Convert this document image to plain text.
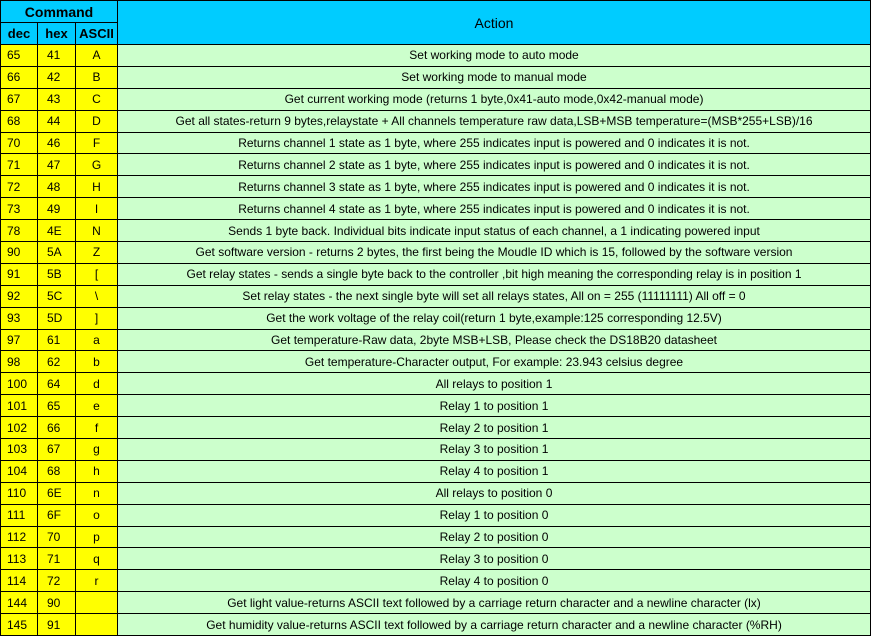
Command			Action
dec	hex	ASCII	
65	41	A	Set working mode to auto mode
66	42	B	Set working mode to manual mode
67	43	C	Get current working mode (returns 1 byte,0x41-auto mode,0x42-manual mode)
68	44	D	Get all states-return 9 bytes,relaystate + All channels temperature raw data,LSB+MSB temperature=(MSB*255+LSB)/16
70	46	F	Returns channel 1 state as 1 byte, where 255 indicates input is powered and 0 indicates it is not.
71	47	G	Returns channel 2 state as 1 byte, where 255 indicates input is powered and 0 indicates it is not.
72	48	H	Returns channel 3 state as 1 byte, where 255 indicates input is powered and 0 indicates it is not.
73	49	I	Returns channel 4 state as 1 byte, where 255 indicates input is powered and 0 indicates it is not.
78	4E	N	Sends 1 byte back. Individual bits indicate input status of each channel, a 1 indicating powered input
90	5A	Z	Get software version - returns 2 bytes, the first being the Moudle ID which is 15, followed by the software version
91	5B	[	Get relay states - sends a single byte back to the controller ,bit high meaning the corresponding relay is in position 1
92	5C	\	Set relay states - the next single byte will set all relays states, All on = 255 (11111111) All off = 0
93	5D	]	Get the work voltage of the relay coil(return 1 byte,example:125 corresponding 12.5V)
97	61	a	Get temperature-Raw data, 2byte MSB+LSB, Please check the DS18B20 datasheet
98	62	b	Get temperature-Character output, For example: 23.943 celsius degree
100	64	d	All relays to position 1
101	65	e	Relay 1 to position 1
102	66	f	Relay 2 to position 1
103	67	g	Relay 3 to position 1
104	68	h	Relay 4 to position 1
110	6E	n	All relays to position 0
111	6F	o	Relay 1 to position 0
112	70	p	Relay 2 to position 0
113	71	q	Relay 3 to position 0
114	72	r	Relay 4 to position 0
144	90		Get light value-returns ASCII text followed by a carriage return character and a newline character (lx)
145	91		Get humidity value-returns ASCII text followed by a carriage return character and a newline character (%RH)
